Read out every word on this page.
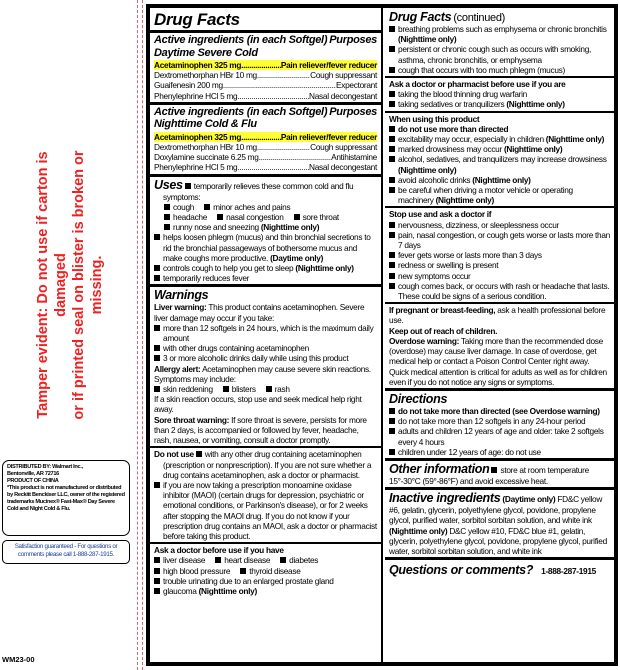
Tamper evident: Do not use if carton is damaged or if printed seal on blister is broken or missing.
DISTRIBUTED BY: Walmart Inc.,
Bentonville, AR 72716
PRODUCT OF CHINA
*This product is not manufactured or distributed by Reckitt Benckiser LLC, owner of the registered trademarks Mucinex® Fast-Max® Day Severe Cold and Night Cold & Flu.
Satisfaction guaranteed - For questions or comments please call 1-888-287-1915.
WM23-00
Drug Facts
Active ingredients (in each Softgel) Purposes
Daytime Severe Cold
Acetaminophen 325 mg .....	Pain reliever/fever reducer
Dextromethorphan HBr 10 mg .....	Cough suppressant
Guaifenesin 200 mg .....	Expectorant
Phenylephrine HCl 5 mg .....	Nasal decongestant
Active ingredients (in each Softgel) Purposes
Nighttime Cold & Flu
Acetaminophen 325 mg .....	Pain reliever/fever reducer
Dextromethorphan HBr 10 mg .....	Cough suppressant
Doxylamine succinate 6.25 mg .....	Antihistamine
Phenylephrine HCl 5 mg .....	Nasal decongestant
Uses temporarily relieves these common cold and flu symptoms:
cough minor aches and pains
headache nasal congestion sore throat
runny nose and sneezing (Nighttime only)
helps loosen phlegm (mucus) and thin bronchial secretions to rid the bronchial passageways of bothersome mucus and make coughs more productive. (Daytime only)
controls cough to help you get to sleep (Nighttime only)
temporarily reduces fever
Warnings
Liver warning: This product contains acetaminophen. Severe liver damage may occur if you take:
more than 12 softgels in 24 hours, which is the maximum daily amount
with other drugs containing acetaminophen
3 or more alcoholic drinks daily while using this product
Allergy alert: Acetaminophen may cause severe skin reactions. Symptoms may include:
skin reddening blisters rash
If a skin reaction occurs, stop use and seek medical help right away.
Sore throat warning: If sore throat is severe, persists for more than 2 days, is accompanied or followed by fever, headache, rash, nausea, or vomiting, consult a doctor promptly.
Do not use with any other drug containing acetaminophen (prescription or nonprescription). If you are not sure whether a drug contains acetaminophen, ask a doctor or pharmacist.
if you are now taking a prescription monoamine oxidase inhibitor (MAOI) (certain drugs for depression, psychiatric or emotional conditions, or Parkinson's disease), or for 2 weeks after stopping the MAOI drug. If you do not know if your prescription drug contains an MAOI, ask a doctor or pharmacist before taking this product.
Ask a doctor before use if you have
liver disease heart disease diabetes
high blood pressure thyroid disease
trouble urinating due to an enlarged prostate gland
glaucoma (Nighttime only)
Drug Facts (continued)
breathing problems such as emphysema or chronic bronchitis (Nighttime only)
persistent or chronic cough such as occurs with smoking, asthma, chronic bronchitis, or emphysema
cough that occurs with too much phlegm (mucus)
Ask a doctor or pharmacist before use if you are
taking the blood thinning drug warfarin
taking sedatives or tranquilizers (Nighttime only)
When using this product
do not use more than directed
excitability may occur, especially in children (Nighttime only)
marked drowsiness may occur (Nighttime only)
alcohol, sedatives, and tranquilizers may increase drowsiness (Nighttime only)
avoid alcoholic drinks (Nighttime only)
be careful when driving a motor vehicle or operating machinery (Nighttime only)
Stop use and ask a doctor if
nervousness, dizziness, or sleeplessness occur
pain, nasal congestion, or cough gets worse or lasts more than 7 days
fever gets worse or lasts more than 3 days
redness or swelling is present
new symptoms occur
cough comes back, or occurs with rash or headache that lasts. These could be signs of a serious condition.
If pregnant or breast-feeding, ask a health professional before use.
Keep out of reach of children.
Overdose warning: Taking more than the recommended dose (overdose) may cause liver damage. In case of overdose, get medical help or contact a Poison Control Center right away. Quick medical attention is critical for adults as well as for children even if you do not notice any signs or symptoms.
Directions
do not take more than directed (see Overdose warning)
do not take more than 12 softgels in any 24-hour period
adults and children 12 years of age and older: take 2 softgels every 4 hours
children under 12 years of age: do not use
Other information store at room temperature 15°-30°C (59°-86°F) and avoid excessive heat.
Inactive ingredients (Daytime only) FD&C yellow #6, gelatin, glycerin, polyethylene glycol, povidone, propylene glycol, purified water, sorbitol sorbitan solution, and white ink
(Nighttime only) D&C yellow #10, FD&C blue #1, gelatin, glycerin, polyethylene glycol, povidone, propylene glycol, purified water, sorbitol sorbitan solution, and white ink
Questions or comments? 1-888-287-1915
